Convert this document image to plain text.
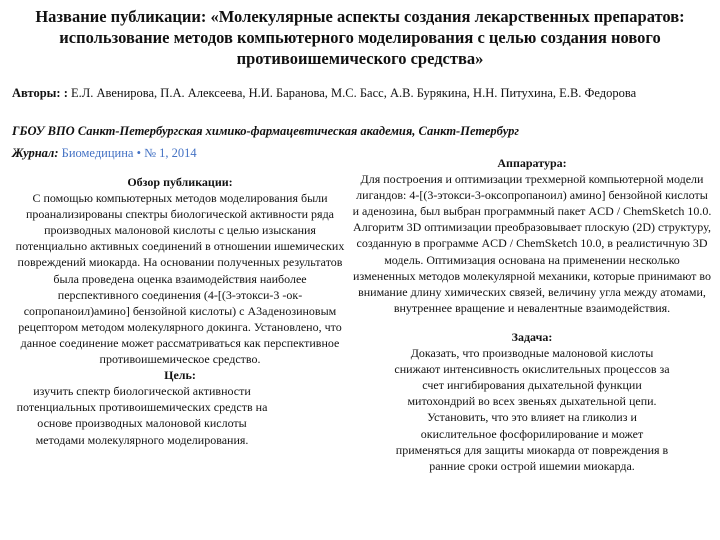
Название публикации: «Молекулярные аспекты создания лекарственных препаратов: использование методов компьютерного моделирования с целью создания нового противоишемического средства»
Авторы: : Е.Л. Авенирова, П.А. Алексеева, Н.И. Баранова, М.С. Басс, А.В. Бурякина, Н.Н. Питухина, Е.В. Федорова
ГБОУ ВПО Санкт-Петербургская химико-фармацевтическая академия, Санкт-Петербург
Журнал: Биомедицина • № 1, 2014
Обзор публикации:

С помощью компьютерных методов моделирования были проанализированы спектры биологической активности ряда производных малоновой кислоты с целью изыскания потенциально активных соединений в отношении ишемических повреждений миокарда. На основании полученных результатов была проведена оценка взаимодействия наиболее перспективного соединения (4-[(3-этокси-3 -ок- сопропаноил)амино] бензойной кислоты) с А3аденозиновым рецептором методом молекулярного докинга. Установлено, что данное соединение может рассматриваться как перспективное противоишемическое средство.

Цель:

изучить спектр биологической активности потенциальных противоишемических средств на основе производных малоновой кислоты методами молекулярного моделирования.

Аппаратура:

Для построения и оптимизации трехмерной компьютерной модели лигандов: 4-[(3-этокси-3-оксопропаноил) амино] бензойной кислоты и аденозина, был выбран программный пакет ACD / ChemSketch 10.0. Алгоритм 3D оптимизации преобразовывает плоскую (2D) структуру, созданную в программе ACD / ChemSketch 10.0, в реалистичную 3D модель. Оптимизация основана на применении несколько измененных методов молекулярной механики, которые принимают во внимание длину химических связей, величину угла между атомами, внутреннее вращение и невалентные взаимодействия.

Задача:

Доказать, что производные малоновой кислоты снижают интенсивность окислительных процессов за счет ингибирования дыхательной функции митохондрий во всех звеньях дыхательной цепи. Установить, что это влияет на гликолиз и окислительное фосфорилирование и может применяться для защиты миокарда от повреждения в ранние сроки острой ишемии миокарда.
